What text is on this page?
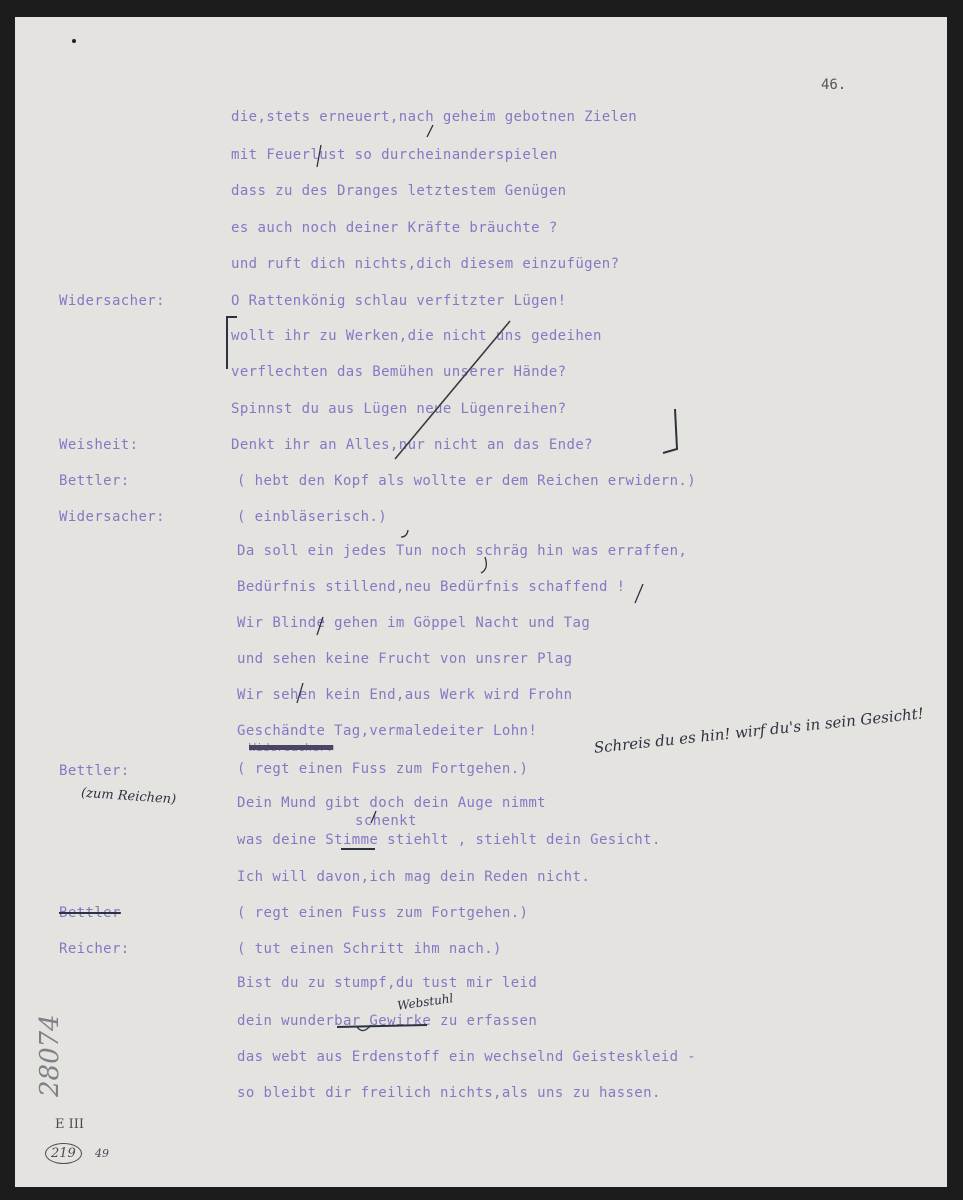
46.
Widersacher:
Weisheit:
Bettler:
Widersacher:
Bettler:
Bettler
Reicher:
die,stets erneuert,nach geheim gebotnen Zielen
mit Feuerlust so durcheinanderspielen
dass zu des Dranges letztestem Genügen
es auch noch deiner Kräfte bräuchte ?
und ruft dich nichts,dich diesem einzufügen?
O Rattenkönig schlau verfitzter Lügen!
wollt ihr zu Werken,die nicht uns gedeihen
verflechten das Bemühen unserer Hände?
Spinnst du aus Lügen neue Lügenreihen?
Denkt ihr an Alles,nur nicht an das Ende?
( hebt den Kopf als wollte er dem Reichen erwidern.)
( einbläserisch.)
Da soll ein jedes Tun noch schräg hin was erraffen,
Bedürfnis stillend,neu Bedürfnis schaffend !
Wir Blinde gehen im Göppel Nacht und Tag
und sehen keine Frucht von unsrer Plag
Wir sehen kein End,aus Werk wird Frohn
Geschändte Tag,vermaledeiter Lohn!
Widersacher:
( regt einen Fuss zum Fortgehen.)
Dein Mund gibt doch dein Auge nimmt
schenkt
was deine Stimme stiehlt , stiehlt dein Gesicht.
Ich will davon,ich mag dein Reden nicht.
( regt einen Fuss zum Fortgehen.)
( tut einen Schritt ihm nach.)
Bist du zu stumpf,du tust mir leid
Webstuhl
dein wunderbar Gewirke zu erfassen
das webt aus Erdenstoff ein wechselnd Geisteskleid -
so bleibt dir freilich nichts,als uns zu hassen.
Schreis du es hin! wirf du's in sein Gesicht!
(zum Reichen)
28074
E III
219	49
